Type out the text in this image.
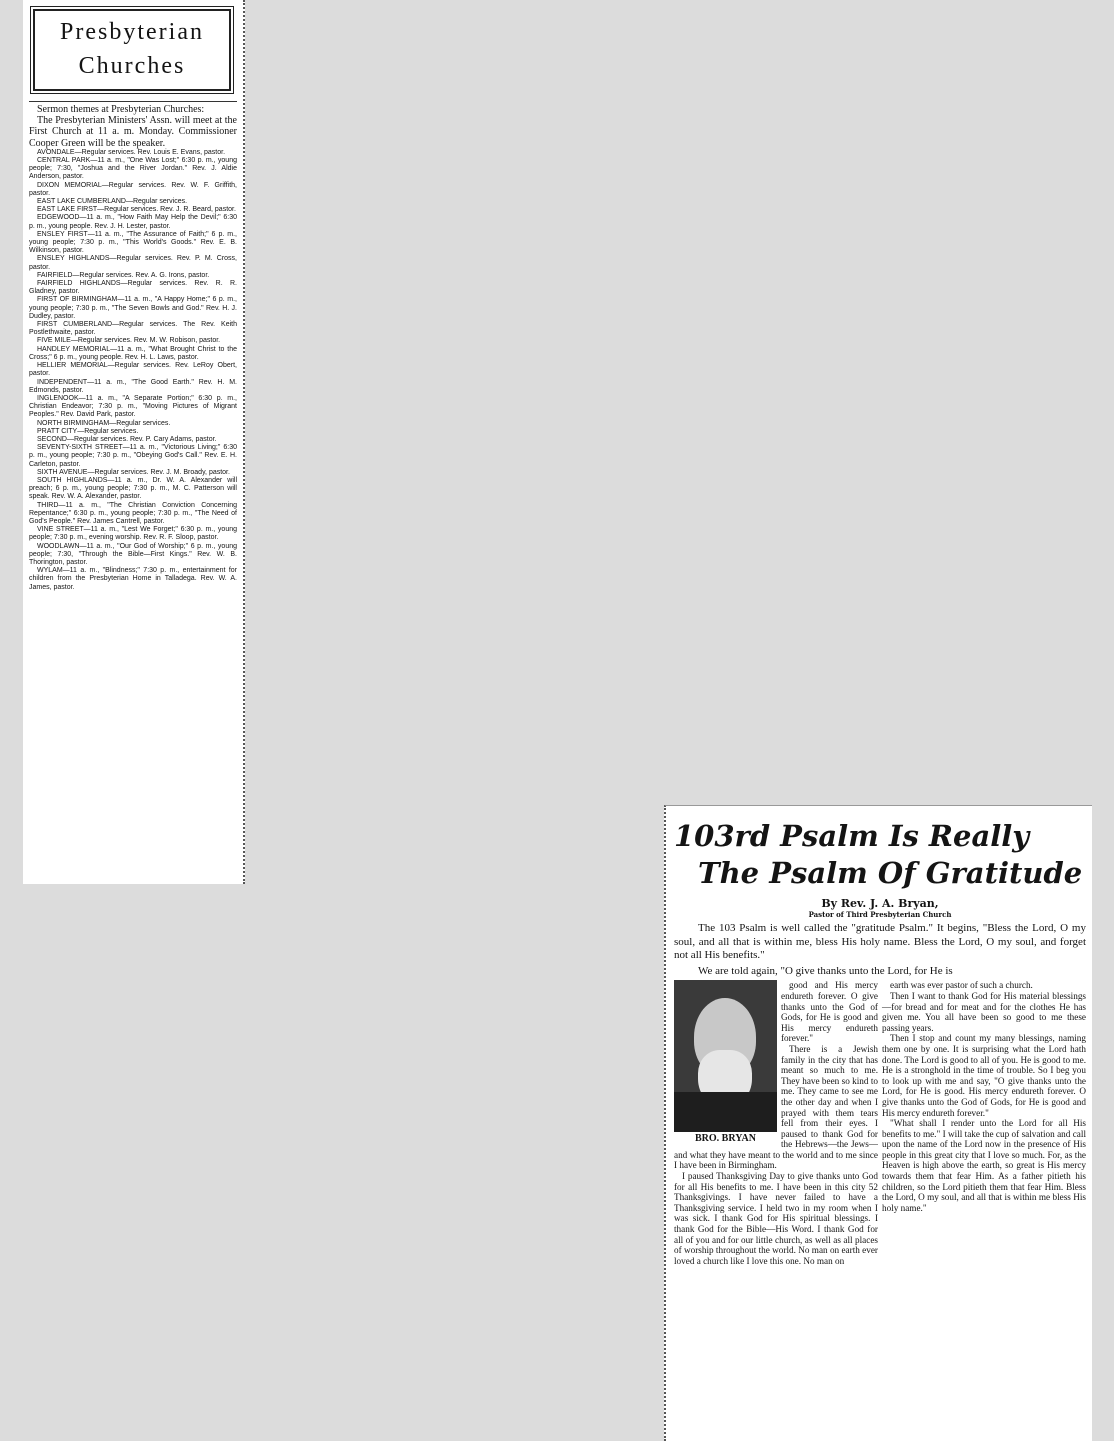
Presbyterian
Churches

Sermon themes at Presbyterian Churches:

The Presbyterian Ministers' Assn. will meet at the First Church at 11 a. m. Monday. Commissioner Cooper Green will be the speaker.

AVONDALE—Regular services. Rev. Louis E. Evans, pastor.

CENTRAL PARK—11 a. m., "One Was Lost;" 6:30 p. m., young people; 7:30, "Joshua and the River Jordan." Rev. J. Aldie Anderson, pastor.

DIXON MEMORIAL—Regular services. Rev. W. F. Griffith, pastor.

EAST LAKE CUMBERLAND—Regular services.

EAST LAKE FIRST—Regular services. Rev. J. R. Beard, pastor.

EDGEWOOD—11 a. m., "How Faith May Help the Devil;" 6:30 p. m., young people. Rev. J. H. Lester, pastor.

ENSLEY FIRST—11 a. m., "The Assurance of Faith;" 6 p. m., young people; 7:30 p. m., "This World's Goods." Rev. E. B. Wilkinson, pastor.

ENSLEY HIGHLANDS—Regular services. Rev. P. M. Cross, pastor.

FAIRFIELD—Regular services. Rev. A. G. Irons, pastor.

FAIRFIELD HIGHLANDS—Regular services. Rev. R. R. Gladney, pastor.

FIRST OF BIRMINGHAM—11 a. m., "A Happy Home;" 6 p. m., young people; 7:30 p. m., "The Seven Bowls and God." Rev. H. J. Dudley, pastor.

FIRST CUMBERLAND—Regular services. The Rev. Keith Postlethwaite, pastor.

FIVE MILE—Regular services. Rev. M. W. Robison, pastor.

HANDLEY MEMORIAL—11 a. m., "What Brought Christ to the Cross;" 6 p. m., young people. Rev. H. L. Laws, pastor.

HELLIER MEMORIAL—Regular services. Rev. LeRoy Obert, pastor.

INDEPENDENT—11 a. m., "The Good Earth." Rev. H. M. Edmonds, pastor.

INGLENOOK—11 a. m., "A Separate Portion;" 6:30 p. m., Christian Endeavor; 7:30 p. m., "Moving Pictures of Migrant Peoples." Rev. David Park, pastor.

NORTH BIRMINGHAM—Regular services.

PRATT CITY—Regular services.

SECOND—Regular services. Rev. P. Cary Adams, pastor.

SEVENTY-SIXTH STREET—11 a. m., "Victorious Living;" 6:30 p. m., young people; 7:30 p. m., "Obeying God's Call." Rev. E. H. Carleton, pastor.

SIXTH AVENUE—Regular services. Rev. J. M. Broady, pastor.

SOUTH HIGHLANDS—11 a. m., Dr. W. A. Alexander will preach; 6 p. m., young people; 7:30 p. m., M. C. Patterson will speak. Rev. W. A. Alexander, pastor.

THIRD—11 a. m., "The Christian Conviction Concerning Repentance;" 6:30 p. m., young people; 7:30 p. m., "The Need of God's People." Rev. James Cantrell, pastor.

VINE STREET—11 a. m., "Lest We Forget;" 6:30 p. m., young people; 7:30 p. m., evening worship. Rev. R. F. Sloop, pastor.

WOODLAWN—11 a. m., "Our God of Worship;" 6 p. m., young people; 7:30, "Through the Bible—First Kings." Rev. W. B. Thorington, pastor.

WYLAM—11 a. m., "Blindness;" 7:30 p. m., entertainment for children from the Presbyterian Home in Talladega. Rev. W. A. James, pastor.

103rd Psalm Is Really
The Psalm Of Gratitude
By Rev. J. A. Bryan,
Pastor of Third Presbyterian Church

The 103 Psalm is well called the "gratitude Psalm." It begins, "Bless the Lord, O my soul, and all that is within me, bless His holy name. Bless the Lord, O my soul, and forget not all His benefits."

We are told again, "O give thanks unto the Lord, for He is

BRO. BRYAN

good and His mercy endureth forever. O give thanks unto the God of Gods, for He is good and His mercy endureth forever."

There is a Jewish family in the city that has meant so much to me. They have been so kind to me. They came to see me the other day and when I prayed with them tears fell from their eyes. I paused to thank God for the Hebrews—the Jews—and what they have meant to the world and to me since I have been in Birmingham.

I paused Thanksgiving Day to give thanks unto God for all His benefits to me. I have been in this city 52 Thanksgivings. I have never failed to have a Thanksgiving service. I held two in my room when I was sick. I thank God for His spiritual blessings. I thank God for the Bible—His Word. I thank God for all of you and for our little church, as well as all places of worship throughout the world. No man on earth ever loved a church like I love this one. No man on

earth was ever pastor of such a church.

Then I want to thank God for His material blessings—for bread and for meat and for the clothes He has given me. You all have been so good to me these passing years.

Then I stop and count my many blessings, naming them one by one. It is surprising what the Lord hath done. The Lord is good to all of you. He is good to me. He is a stronghold in the time of trouble. So I beg you to look up with me and say, "O give thanks unto the Lord, for He is good. His mercy endureth forever. O give thanks unto the God of Gods, for He is good and His mercy endureth forever."

"What shall I render unto the Lord for all His benefits to me." I will take the cup of salvation and call upon the name of the Lord now in the presence of His people in this great city that I love so much. For, as the Heaven is high above the earth, so great is His mercy towards them that fear Him. As a father pitieth his children, so the Lord pitieth them that fear Him. Bless the Lord, O my soul, and all that is within me bless His holy name."
